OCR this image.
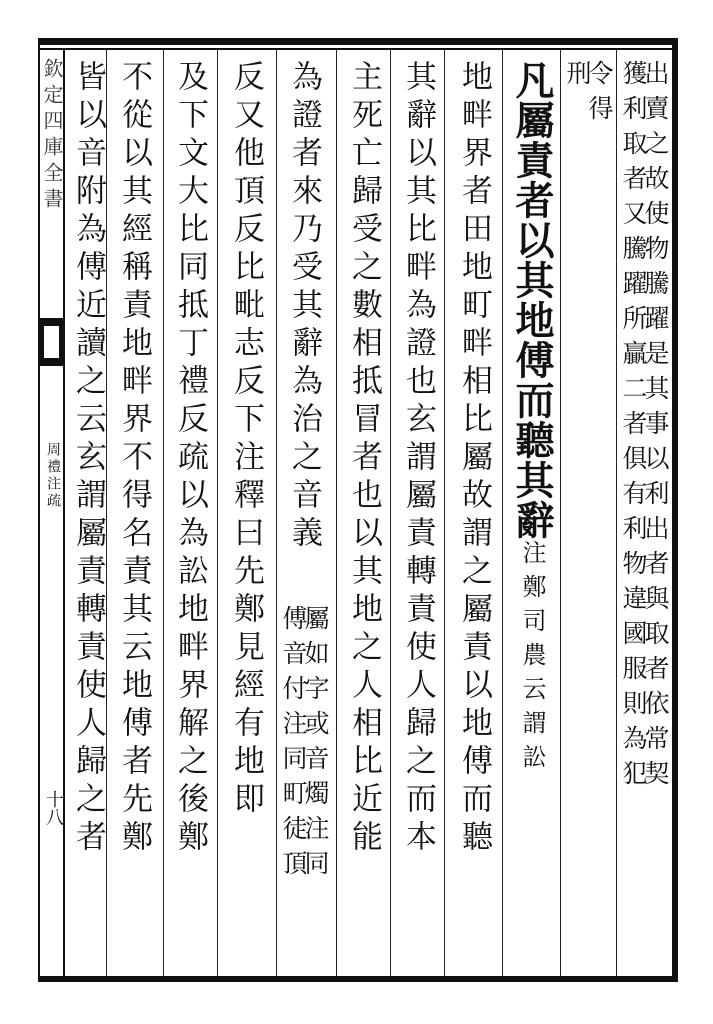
欽定四庫全書
周禮注疏
十八
出賣之故使物騰躍是其事以利出者與取者依常契
獲利取者又騰躍所贏二者俱有利物違國服則為犯
令得
刑
凡屬責者以其地傅而聽其辭注鄭司農云謂訟
地畔界者田地町畔相比屬故謂之屬責以地傅而聽
其辭以其比畔為證也玄謂屬責轉責使人歸之而本
主死亡歸受之數相抵冒者也以其地之人相比近能
為證者來乃受其辭為治之音義
屬如字或音燭注同
傅音付注同町徒頂
反又他頂反比毗志反下注釋曰先鄭見經有地即
及下文大比同抵丁禮反疏以為訟地畔界解之後鄭
不從以其經稱責地畔界不得名責其云地傅者先鄭
皆以音附為傅近讀之云玄謂屬責轉責使人歸之者
